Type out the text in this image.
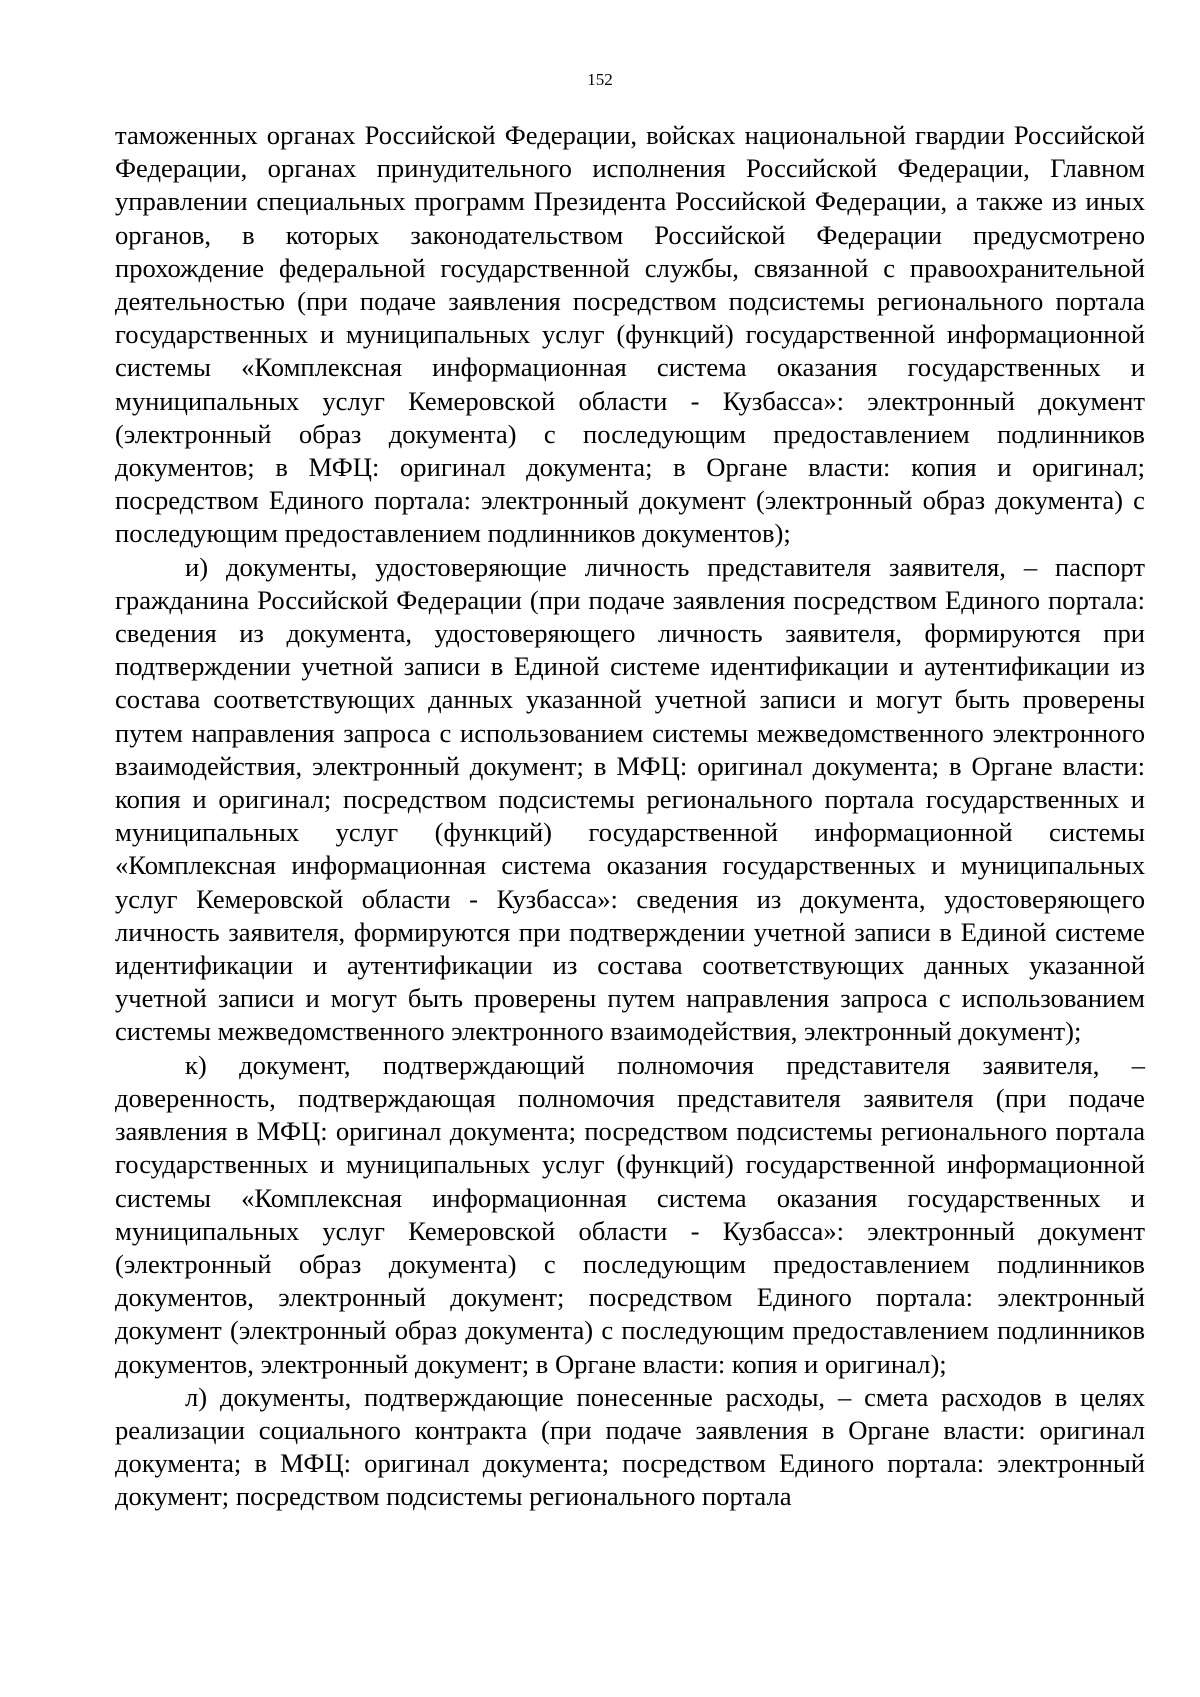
152

таможенных органах Российской Федерации, войсках национальной гвардии Российской Федерации, органах принудительного исполнения Российской Федерации, Главном управлении специальных программ Президента Российской Федерации, а также из иных органов, в которых законодательством Российской Федерации предусмотрено прохождение федеральной государственной службы, связанной с правоохранительной деятельностью (при подаче заявления посредством подсистемы регионального портала государственных и муниципальных услуг (функций) государственной информационной системы «Комплексная информационная система оказания государственных и муниципальных услуг Кемеровской области - Кузбасса»: электронный документ (электронный образ документа) с последующим предоставлением подлинников документов; в МФЦ: оригинал документа; в Органе власти: копия и оригинал; посредством Единого портала: электронный документ (электронный образ документа) с последующим предоставлением подлинников документов);

и) документы, удостоверяющие личность представителя заявителя, – паспорт гражданина Российской Федерации (при подаче заявления посредством Единого портала: сведения из документа, удостоверяющего личность заявителя, формируются при подтверждении учетной записи в Единой системе идентификации и аутентификации из состава соответствующих данных указанной учетной записи и могут быть проверены путем направления запроса с использованием системы межведомственного электронного взаимодействия, электронный документ; в МФЦ: оригинал документа; в Органе власти: копия и оригинал; посредством подсистемы регионального портала государственных и муниципальных услуг (функций) государственной информационной системы «Комплексная информационная система оказания государственных и муниципальных услуг Кемеровской области - Кузбасса»: сведения из документа, удостоверяющего личность заявителя, формируются при подтверждении учетной записи в Единой системе идентификации и аутентификации из состава соответствующих данных указанной учетной записи и могут быть проверены путем направления запроса с использованием системы межведомственного электронного взаимодействия, электронный документ);

к) документ, подтверждающий полномочия представителя заявителя, – доверенность, подтверждающая полномочия представителя заявителя (при подаче заявления в МФЦ: оригинал документа; посредством подсистемы регионального портала государственных и муниципальных услуг (функций) государственной информационной системы «Комплексная информационная система оказания государственных и муниципальных услуг Кемеровской области - Кузбасса»: электронный документ (электронный образ документа) с последующим предоставлением подлинников документов, электронный документ; посредством Единого портала: электронный документ (электронный образ документа) с последующим предоставлением подлинников документов, электронный документ; в Органе власти: копия и оригинал);

л) документы, подтверждающие понесенные расходы, – смета расходов в целях реализации социального контракта (при подаче заявления в Органе власти: оригинал документа; в МФЦ: оригинал документа; посредством Единого портала: электронный документ; посредством подсистемы регионального портала
